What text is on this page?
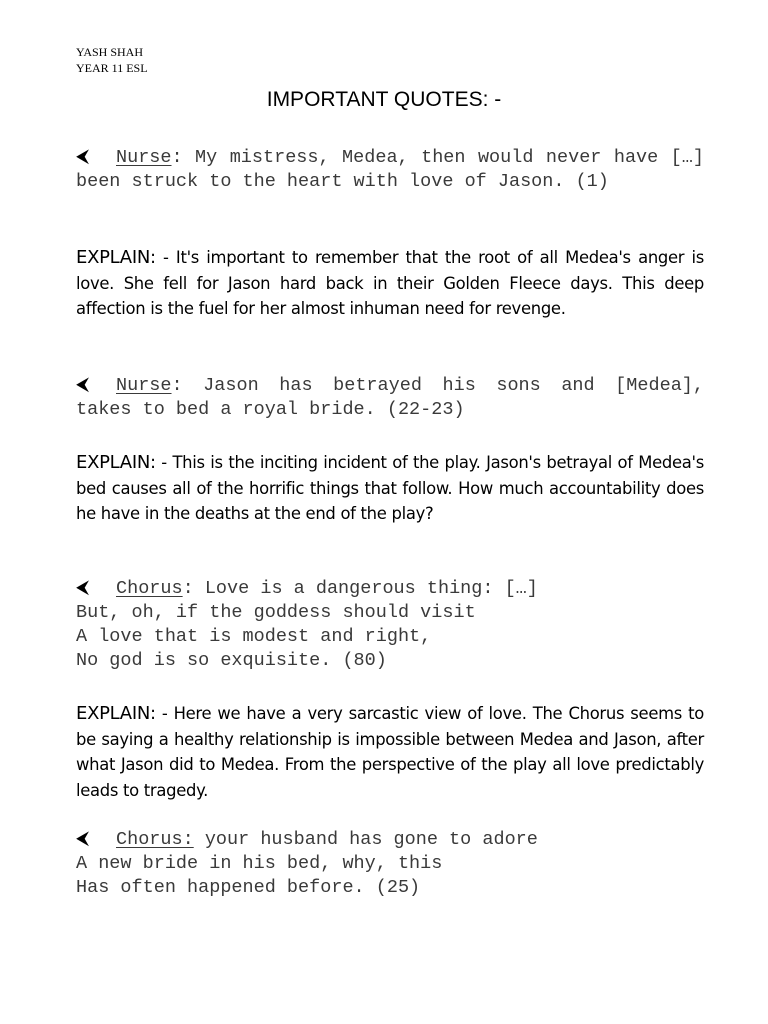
YASH SHAH
YEAR 11 ESL
IMPORTANT QUOTES: -
⮜ Nurse: My mistress, Medea, then would never have […] been struck to the heart with love of Jason. (1)
EXPLAIN: - It's important to remember that the root of all Medea's anger is love. She fell for Jason hard back in their Golden Fleece days. This deep affection is the fuel for her almost inhuman need for revenge.
⮜ Nurse: Jason has betrayed his sons and [Medea], takes to bed a royal bride. (22-23)
EXPLAIN: - This is the inciting incident of the play. Jason's betrayal of Medea's bed causes all of the horrific things that follow. How much accountability does he have in the deaths at the end of the play?
⮜ Chorus: Love is a dangerous thing: […]
But, oh, if the goddess should visit
A love that is modest and right,
No god is so exquisite. (80)
EXPLAIN: - Here we have a very sarcastic view of love. The Chorus seems to be saying a healthy relationship is impossible between Medea and Jason, after what Jason did to Medea. From the perspective of the play all love predictably leads to tragedy.
⮜ Chorus: your husband has gone to adore
A new bride in his bed, why, this
Has often happened before. (25)
